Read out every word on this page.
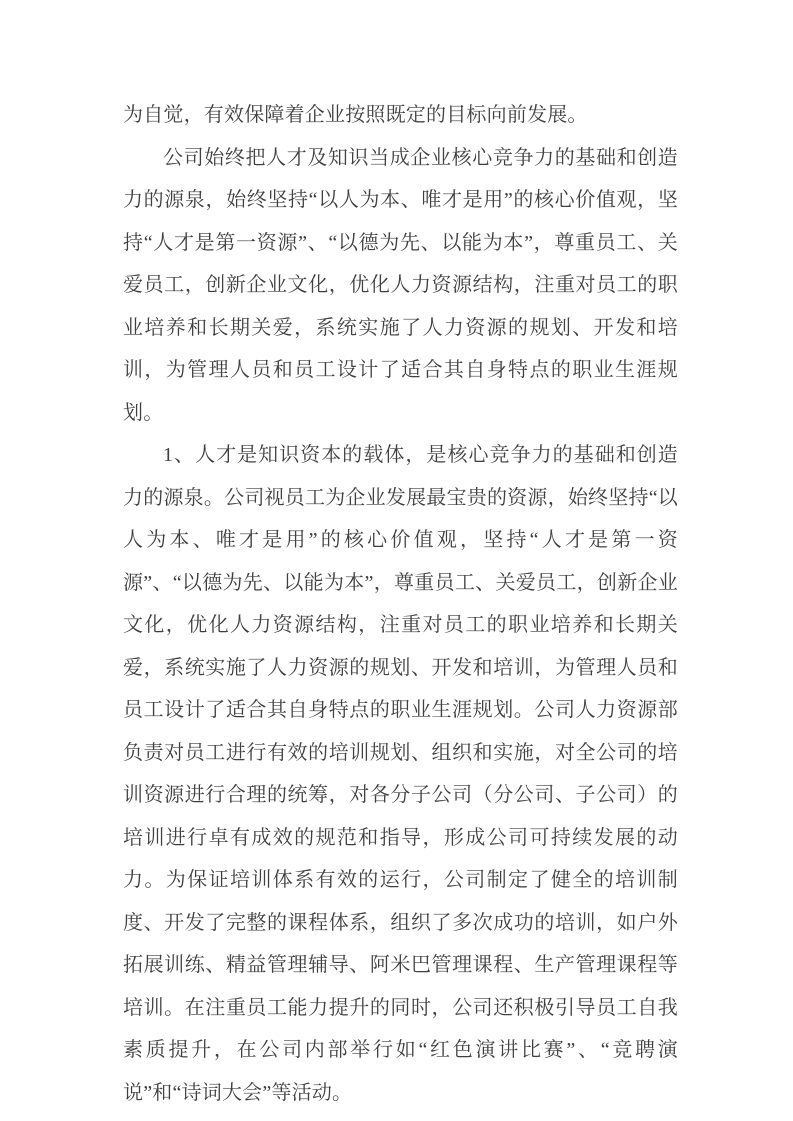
为自觉，有效保障着企业按照既定的目标向前发展。

公司始终把人才及知识当成企业核心竞争力的基础和创造力的源泉，始终坚持“以人为本、唯才是用”的核心价值观，坚持“人才是第一资源”、“以德为先、以能为本”，尊重员工、关爱员工，创新企业文化，优化人力资源结构，注重对员工的职业培养和长期关爱，系统实施了人力资源的规划、开发和培训，为管理人员和员工设计了适合其自身特点的职业生涯规划。

1、人才是知识资本的载体，是核心竞争力的基础和创造力的源泉。公司视员工为企业发展最宝贵的资源，始终坚持“以人为本、唯才是用”的核心价值观，坚持“人才是第一资源”、“以德为先、以能为本”，尊重员工、关爱员工，创新企业文化，优化人力资源结构，注重对员工的职业培养和长期关爱，系统实施了人力资源的规划、开发和培训，为管理人员和员工设计了适合其自身特点的职业生涯规划。公司人力资源部负责对员工进行有效的培训规划、组织和实施，对全公司的培训资源进行合理的统筹，对各分子公司（分公司、子公司）的培训进行卓有成效的规范和指导，形成公司可持续发展的动力。为保证培训体系有效的运行，公司制定了健全的培训制度、开发了完整的课程体系，组织了多次成功的培训，如户外拓展训练、精益管理辅导、阿米巴管理课程、生产管理课程等培训。在注重员工能力提升的同时，公司还积极引导员工自我素质提升，在公司内部举行如“红色演讲比赛”、“竞聘演说”和“诗词大会”等活动。
